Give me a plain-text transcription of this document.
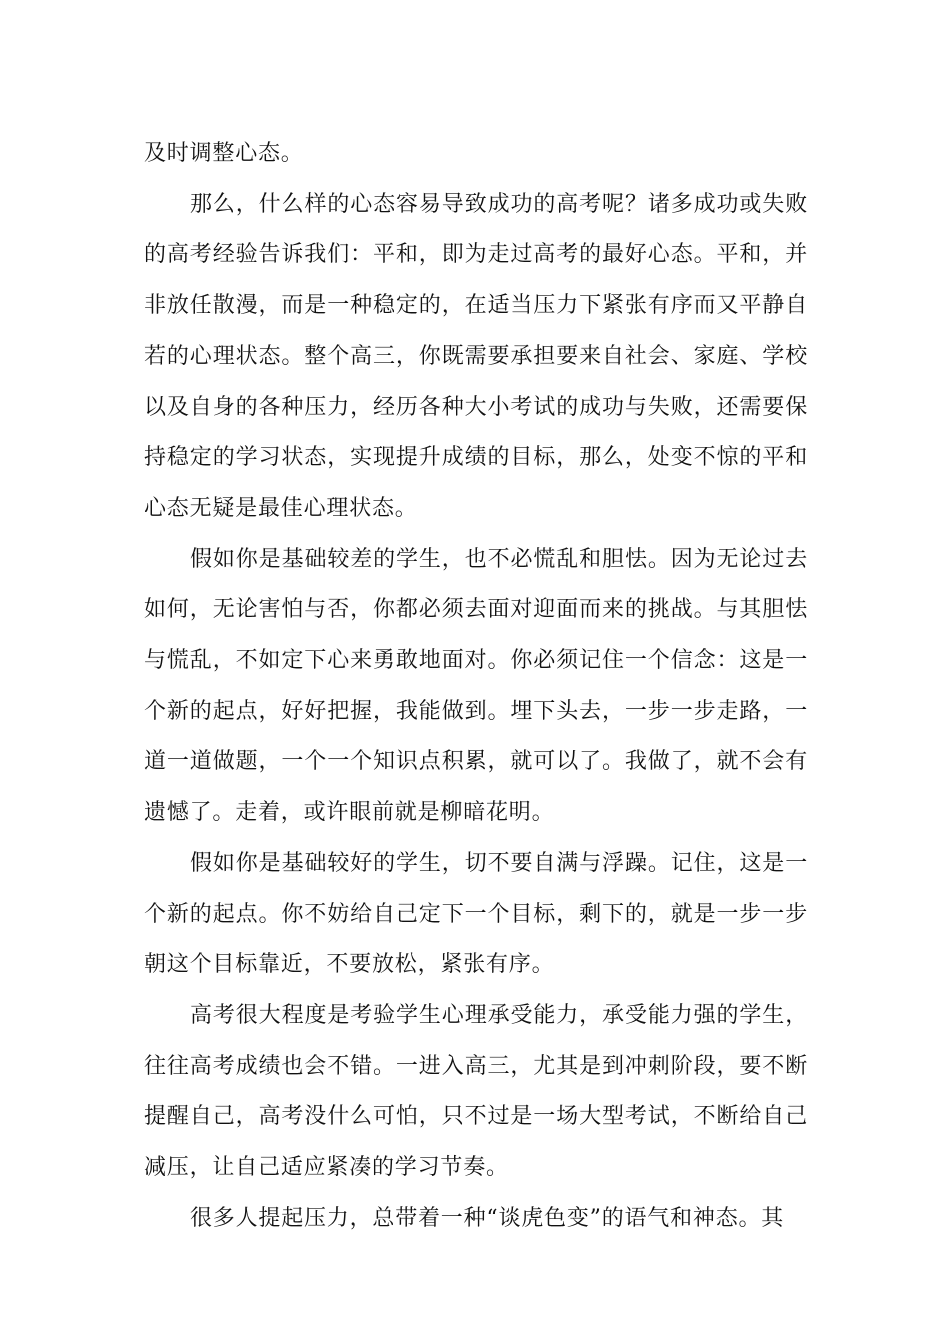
及时调整心态。

那么，什么样的心态容易导致成功的高考呢？诸多成功或失败的高考经验告诉我们：平和，即为走过高考的最好心态。平和，并非放任散漫，而是一种稳定的，在适当压力下紧张有序而又平静自若的心理状态。整个高三，你既需要承担要来自社会、家庭、学校以及自身的各种压力，经历各种大小考试的成功与失败，还需要保持稳定的学习状态，实现提升成绩的目标，那么，处变不惊的平和心态无疑是最佳心理状态。

假如你是基础较差的学生，也不必慌乱和胆怯。因为无论过去如何，无论害怕与否，你都必须去面对迎面而来的挑战。与其胆怯与慌乱，不如定下心来勇敢地面对。你必须记住一个信念：这是一个新的起点，好好把握，我能做到。埋下头去，一步一步走路，一道一道做题，一个一个知识点积累，就可以了。我做了，就不会有遗憾了。走着，或许眼前就是柳暗花明。

假如你是基础较好的学生，切不要自满与浮躁。记住，这是一个新的起点。你不妨给自己定下一个目标，剩下的，就是一步一步朝这个目标靠近，不要放松，紧张有序。

高考很大程度是考验学生心理承受能力，承受能力强的学生，往往高考成绩也会不错。一进入高三，尤其是到冲刺阶段，要不断提醒自己，高考没什么可怕，只不过是一场大型考试，不断给自己减压，让自己适应紧凑的学习节奏。

很多人提起压力，总带着一种“谈虎色变”的语气和神态。其
